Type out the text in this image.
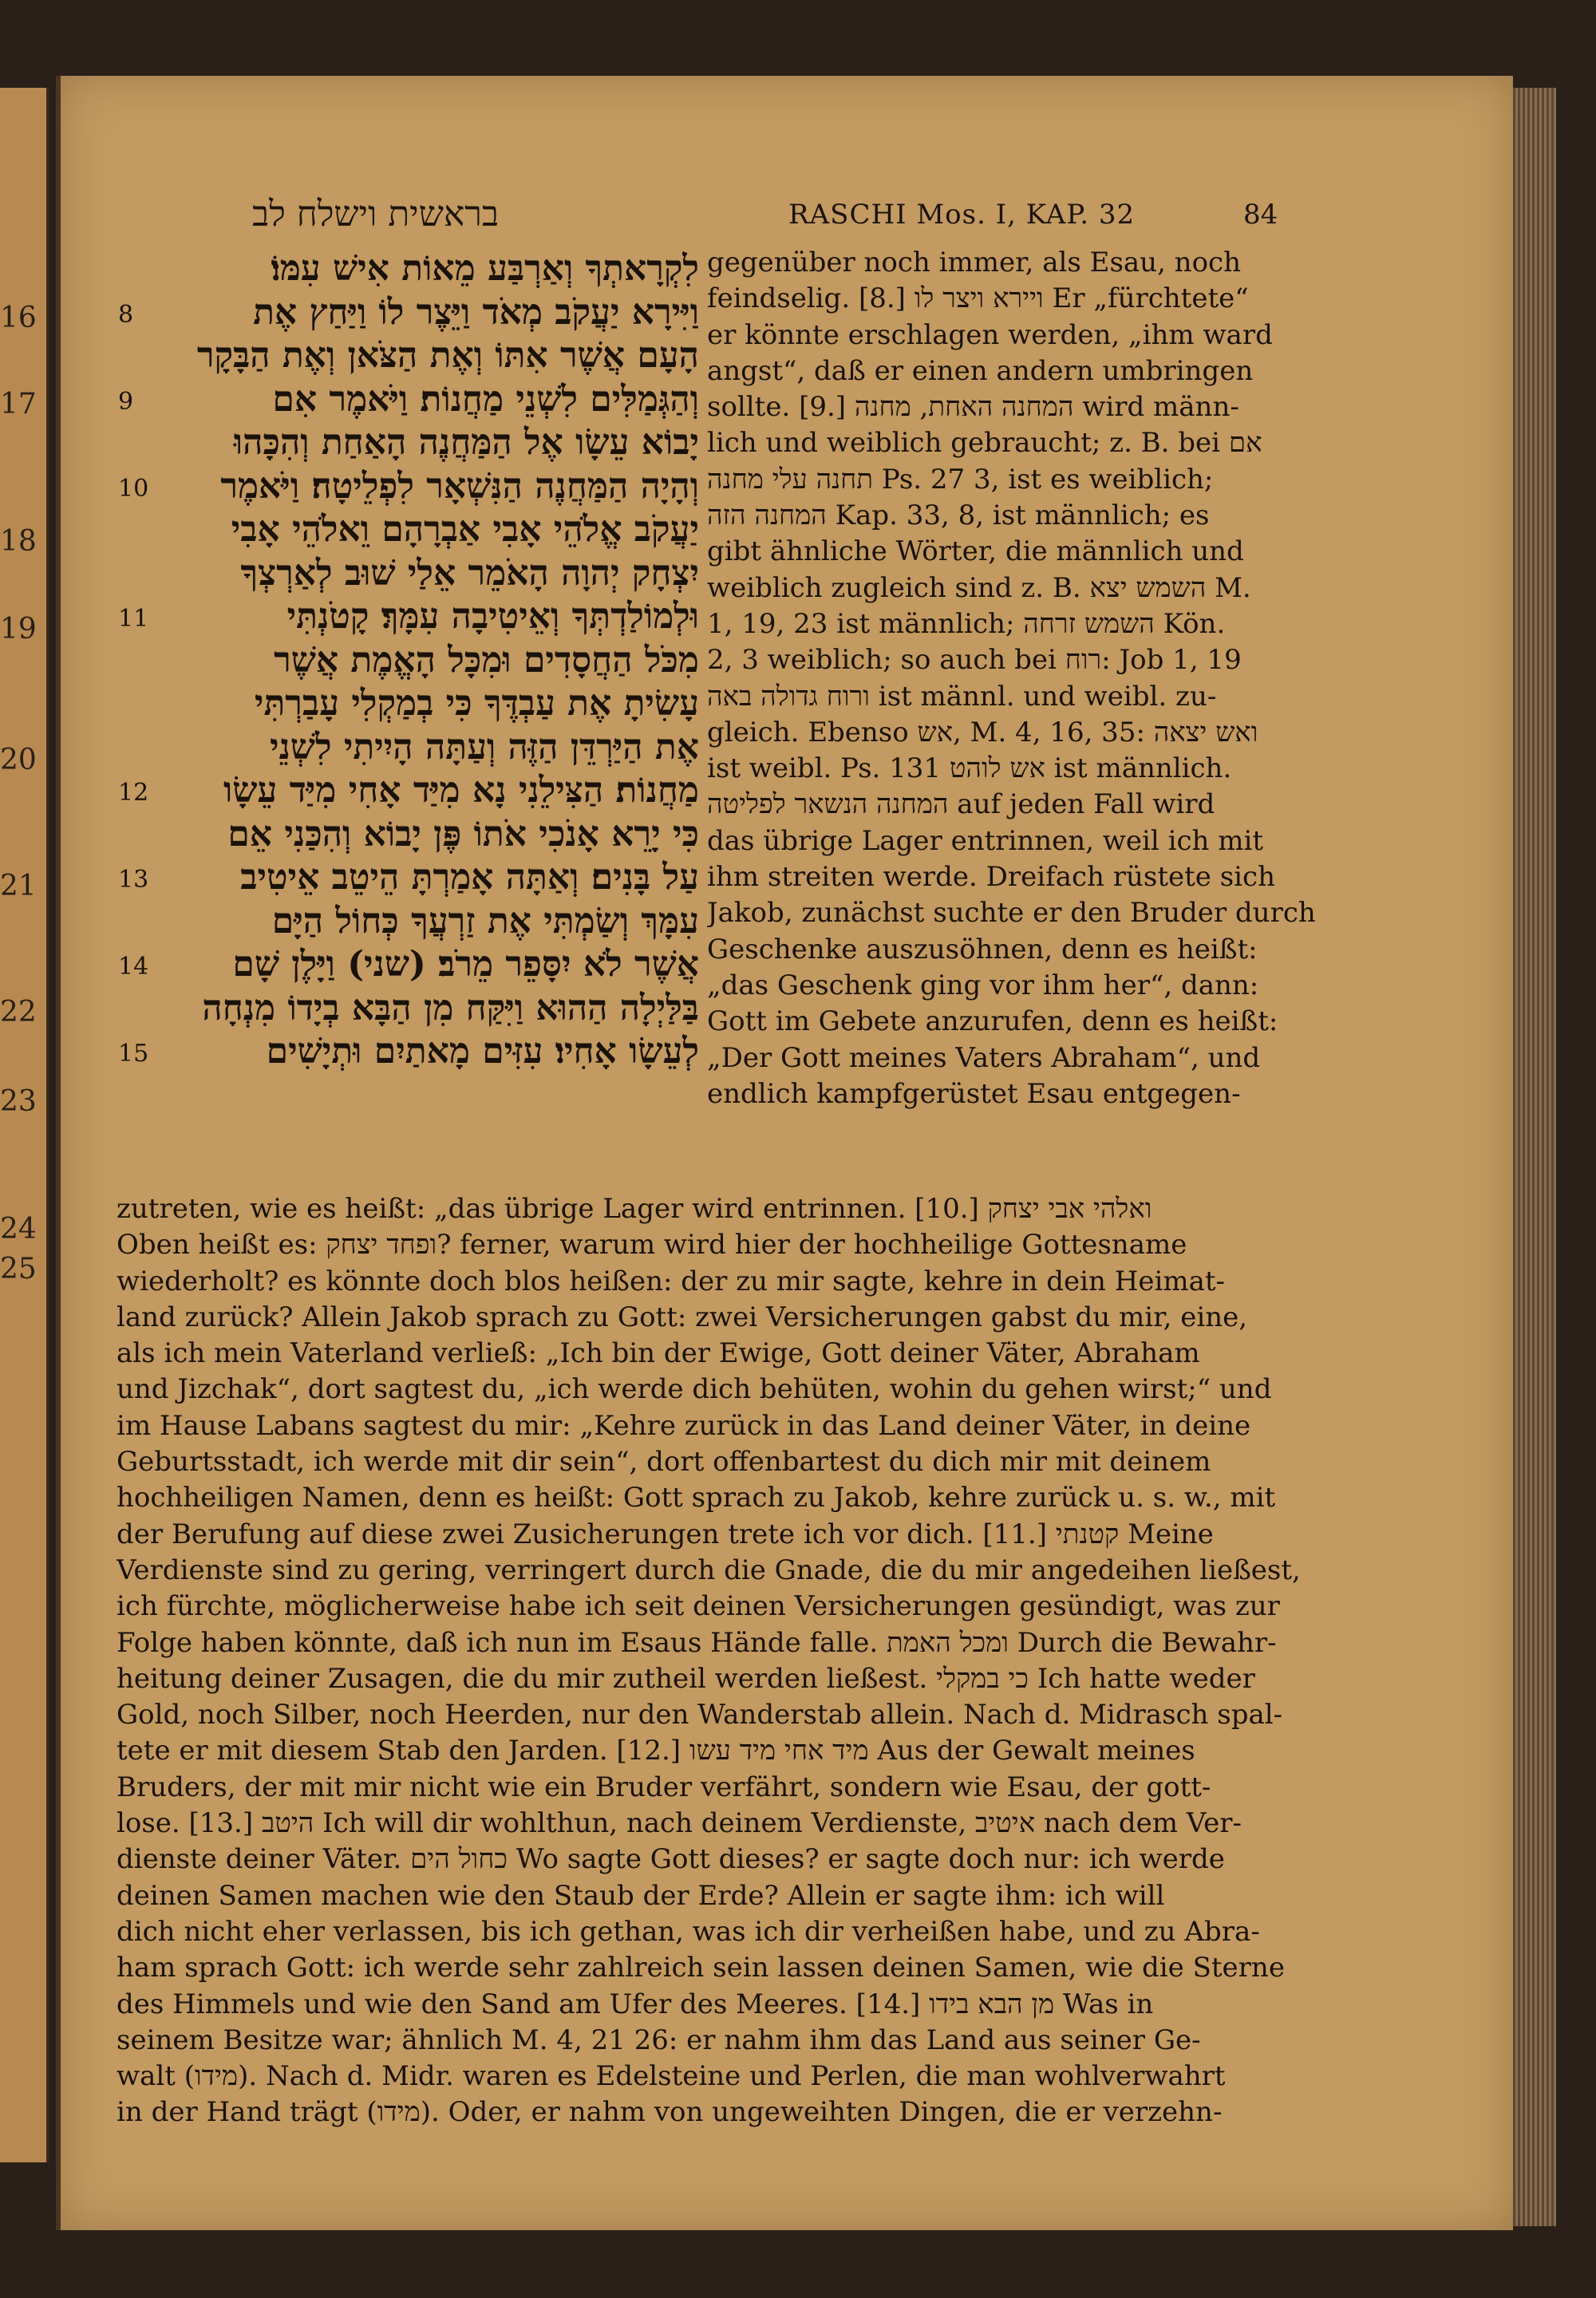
16
17
18
19
20
21
22
23
24
25
בראשית וישלח לב	RASCHI Mos. I, KAP. 32	84
לִקְרָאתְךָ וְאַרְבַּע מֵאוֹת אִישׁ עִמּוֹ׃
וַיִּירָא יַעֲקֹב מְאֹד וַיֵּצֶר לוֹ וַיַּחַץ אֶת
הָעָם אֲשֶׁר אִתּוֹ וְאֶת הַצֹּאן וְאֶת הַבָּקָר
וְהַגְּמַלִּים לִשְׁנֵי מַחֲנוֹת׃ וַיֹּאמֶר אִם
יָבוֹא עֵשָׂו אֶל הַמַּחֲנֶה הָאַחַת וְהִכָּהוּ
וְהָיָה הַמַּחֲנֶה הַנִּשְׁאָר לִפְלֵיטָה׃ וַיֹּאמֶר
יַעֲקֹב אֱלֹהֵי אָבִי אַבְרָהָם וֵאלֹהֵי אָבִי
יִצְחָק יְהוָה הָאֹמֵר אֵלַי שׁוּב לְאַרְצְךָ
וּלְמוֹלַדְתְּךָ וְאֵיטִיבָה עִמָּךְ׃ קָטֹנְתִּי
מִכֹּל הַחֲסָדִים וּמִכָּל הָאֱמֶת אֲשֶׁר
עָשִׂיתָ אֶת עַבְדֶּךָ כִּי בְמַקְלִי עָבַרְתִּי
אֶת הַיַּרְדֵּן הַזֶּה וְעַתָּה הָיִיתִי לִשְׁנֵי
מַחֲנוֹת׃ הַצִּילֵנִי נָא מִיַּד אָחִי מִיַּד עֵשָׂו
כִּי יָרֵא אָנֹכִי אֹתוֹ פֶּן יָבוֹא וְהִכַּנִי אֵם
עַל בָּנִים׃ וְאַתָּה אָמַרְתָּ הֵיטֵב אֵיטִיב
עִמָּךְ וְשַׂמְתִּי אֶת זַרְעֲךָ כְּחוֹל הַיָּם
אֲשֶׁר לֹא יִסָּפֵר מֵרֹב׃ (שני) וַיָּלֶן שָׁם
בַּלַּיְלָה הַהוּא וַיִּקַּח מִן הַבָּא בְיָדוֹ מִנְחָה
לְעֵשָׂו אָחִיו׃ עִזִּים מָאתַיִם וּתְיָשִׁים
8
9
10
11
12
13
14
15
gegenüber noch immer, als Esau, noch
feindselig. [8.] ויירא ויצר לו Er „fürchtete“
er könnte erschlagen werden, „ihm ward
angst“, daß er einen andern umbringen
sollte. [9.] המחנה האחת, מחנה wird männ-
lich und weiblich gebraucht; z. B. bei אם
תחנה עלי מחנה Ps. 27 3, ist es weiblich;
המחנה הזה Kap. 33, 8, ist männlich; es
gibt ähnliche Wörter, die männlich und
weiblich zugleich sind z. B. השמש יצא M.
1, 19, 23 ist männlich; השמש זרחה Kön.
2, 3 weiblich; so auch bei רוח: Job 1, 19
ורוח גדולה באה ist männl. und weibl. zu-
gleich. Ebenso אש, M. 4, 16, 35: ואש יצאה
ist weibl. Ps. 131 אש לוהט ist männlich.
המחנה הנשאר לפליטה auf jeden Fall wird
das übrige Lager entrinnen, weil ich mit
ihm streiten werde. Dreifach rüstete sich
Jakob, zunächst suchte er den Bruder durch
Geschenke auszusöhnen, denn es heißt:
„das Geschenk ging vor ihm her“, dann:
Gott im Gebete anzurufen, denn es heißt:
„Der Gott meines Vaters Abraham“, und
endlich kampfgerüstet Esau entgegen-
zutreten, wie es heißt: „das übrige Lager wird entrinnen. [10.] ואלהי אבי יצחק
Oben heißt es: ופחד יצחק? ferner, warum wird hier der hochheilige Gottesname
wiederholt? es könnte doch blos heißen: der zu mir sagte, kehre in dein Heimat-
land zurück? Allein Jakob sprach zu Gott: zwei Versicherungen gabst du mir, eine,
als ich mein Vaterland verließ: „Ich bin der Ewige, Gott deiner Väter, Abraham
und Jizchak“, dort sagtest du, „ich werde dich behüten, wohin du gehen wirst;“ und
im Hause Labans sagtest du mir: „Kehre zurück in das Land deiner Väter, in deine
Geburtsstadt, ich werde mit dir sein“, dort offenbartest du dich mir mit deinem
hochheiligen Namen, denn es heißt: Gott sprach zu Jakob, kehre zurück u. s. w., mit
der Berufung auf diese zwei Zusicherungen trete ich vor dich. [11.] קטנתי Meine
Verdienste sind zu gering, verringert durch die Gnade, die du mir angedeihen ließest,
ich fürchte, möglicherweise habe ich seit deinen Versicherungen gesündigt, was zur
Folge haben könnte, daß ich nun im Esaus Hände falle. ומכל האמת Durch die Bewahr-
heitung deiner Zusagen, die du mir zutheil werden ließest. כי במקלי Ich hatte weder
Gold, noch Silber, noch Heerden, nur den Wanderstab allein. Nach d. Midrasch spal-
tete er mit diesem Stab den Jarden. [12.] מיד אחי מיד עשו Aus der Gewalt meines
Bruders, der mit mir nicht wie ein Bruder verfährt, sondern wie Esau, der gott-
lose. [13.] היטב Ich will dir wohlthun, nach deinem Verdienste, איטיב nach dem Ver-
dienste deiner Väter. כחול הים Wo sagte Gott dieses? er sagte doch nur: ich werde
deinen Samen machen wie den Staub der Erde? Allein er sagte ihm: ich will
dich nicht eher verlassen, bis ich gethan, was ich dir verheißen habe, und zu Abra-
ham sprach Gott: ich werde sehr zahlreich sein lassen deinen Samen, wie die Sterne
des Himmels und wie den Sand am Ufer des Meeres. [14.] מן הבא בידו Was in
seinem Besitze war; ähnlich M. 4, 21 26: er nahm ihm das Land aus seiner Ge-
walt (מידו). Nach d. Midr. waren es Edelsteine und Perlen, die man wohlverwahrt
in der Hand trägt (מידו). Oder, er nahm von ungeweihten Dingen, die er verzehn-
